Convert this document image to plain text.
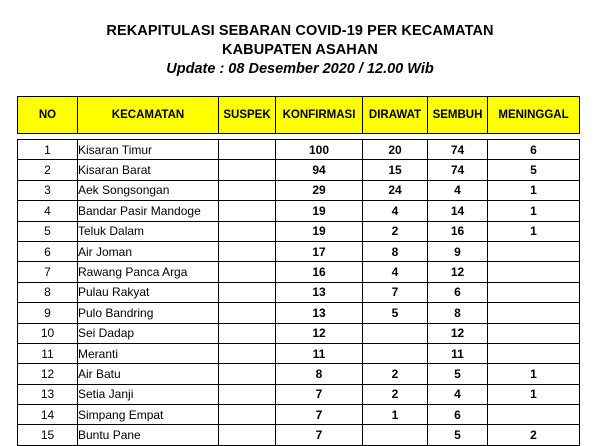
REKAPITULASI SEBARAN COVID-19 PER KECAMATAN
KABUPATEN ASAHAN
Update : 08 Desember 2020 / 12.00 Wib
NO	KECAMATAN	SUSPEK	KONFIRMASI	DIRAWAT	SEMBUH	MENINGGAL

1	Kisaran Timur		100	20	74	6
2	Kisaran Barat		94	15	74	5
3	Aek Songsongan		29	24	4	1
4	Bandar Pasir Mandoge		19	4	14	1
5	Teluk Dalam		19	2	16	1
6	Air Joman		17	8	9	
7	Rawang Panca Arga		16	4	12	
8	Pulau Rakyat		13	7	6	
9	Pulo Bandring		13	5	8	
10	Sei Dadap		12		12	
11	Meranti		11		11	
12	Air Batu		8	2	5	1
13	Setia Janji		7	2	4	1
14	Simpang Empat		7	1	6	
15	Buntu Pane		7		5	2
